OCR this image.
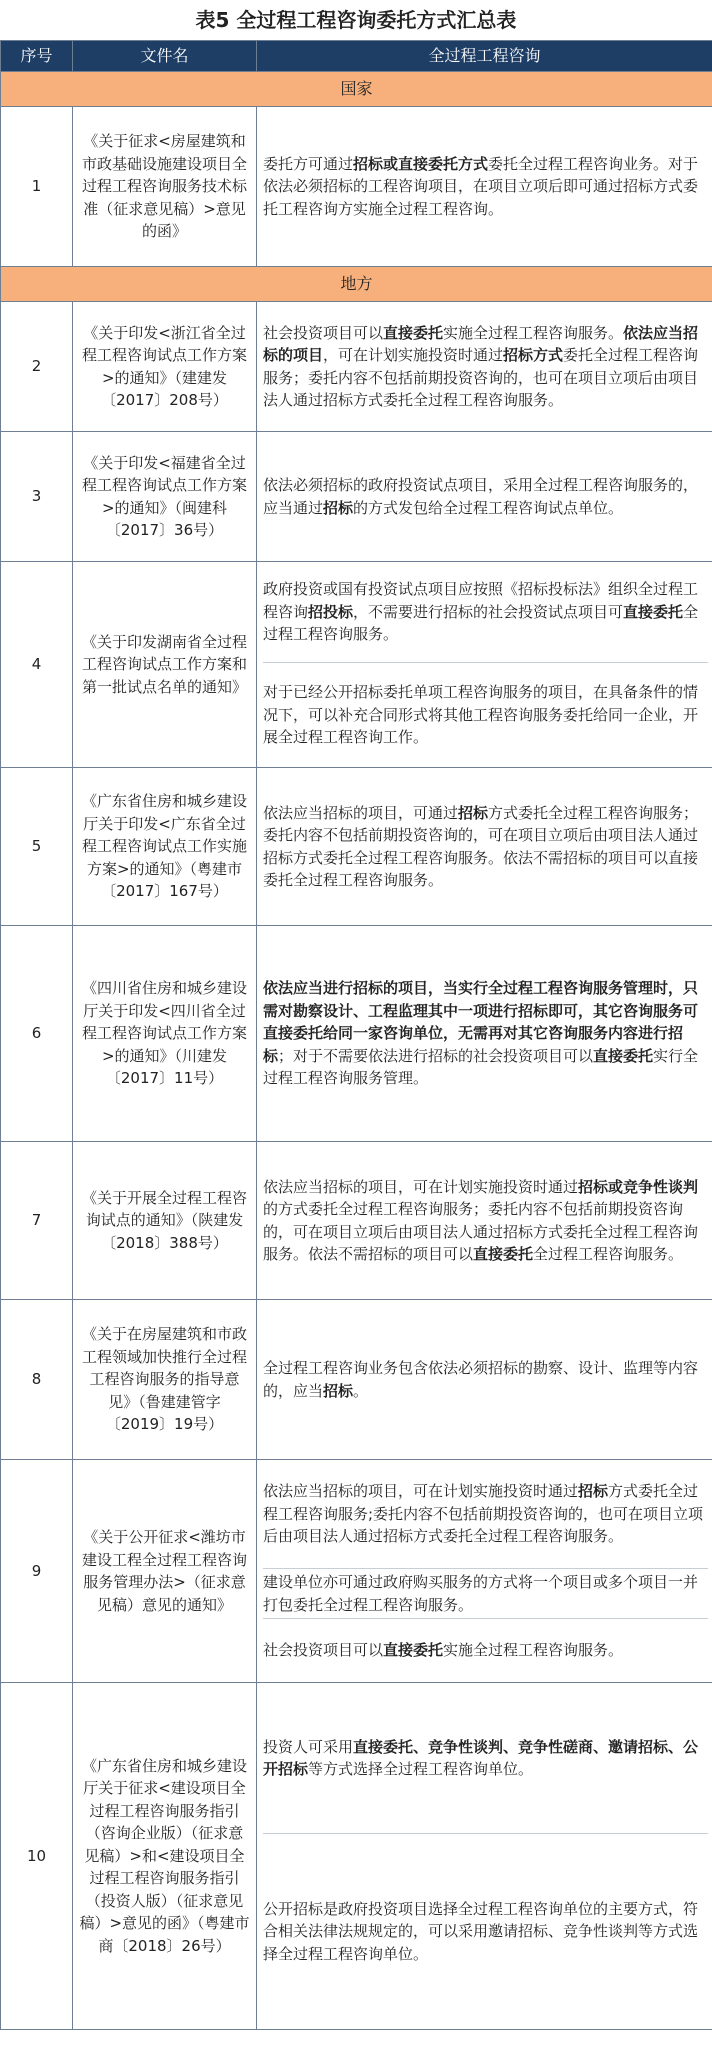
表5 全过程工程咨询委托方式汇总表
序号	文件名	全过程工程咨询
国家		
1	《关于征求<房屋建筑和市政基础设施建设项目全过程工程咨询服务技术标准（征求意见稿）>意见的函》	委托方可通过招标或直接委托方式委托全过程工程咨询业务。对于依法必须招标的工程咨询项目，在项目立项后即可通过招标方式委托工程咨询方实施全过程工程咨询。

地方		
2	《关于印发<浙江省全过程工程咨询试点工作方案>的通知》（建建发〔2017〕208号）	社会投资项目可以直接委托实施全过程工程咨询服务。依法应当招标的项目，可在计划实施投资时通过招标方式委托全过程工程咨询服务；委托内容不包括前期投资咨询的，也可在项目立项后由项目法人通过招标方式委托全过程工程咨询服务。

3	《关于印发<福建省全过程工程咨询试点工作方案>的通知》（闽建科〔2017〕36号）	依法必须招标的政府投资试点项目，采用全过程工程咨询服务的，应当通过招标的方式发包给全过程工程咨询试点单位。

4	《关于印发湖南省全过程工程咨询试点工作方案和第一批试点名单的通知》	政府投资或国有投资试点项目应按照《招标投标法》组织全过程工程咨询招投标，不需要进行招标的社会投资试点项目可直接委托全过程工程咨询服务。
对于已经公开招标委托单项工程咨询服务的项目，在具备条件的情况下，可以补充合同形式将其他工程咨询服务委托给同一企业，开展全过程工程咨询工作。

5	《广东省住房和城乡建设厅关于印发<广东省全过程工程咨询试点工作实施方案>的通知》（粤建市〔2017〕167号）	依法应当招标的项目，可通过招标方式委托全过程工程咨询服务；委托内容不包括前期投资咨询的，可在项目立项后由项目法人通过招标方式委托全过程工程咨询服务。依法不需招标的项目可以直接委托全过程工程咨询服务。

6	《四川省住房和城乡建设厅关于印发<四川省全过程工程咨询试点工作方案>的通知》（川建发〔2017〕11号）	依法应当进行招标的项目，当实行全过程工程咨询服务管理时，只需对勘察设计、工程监理其中一项进行招标即可，其它咨询服务可直接委托给同一家咨询单位，无需再对其它咨询服务内容进行招标；对于不需要依法进行招标的社会投资项目可以直接委托实行全过程工程咨询服务管理。

7	《关于开展全过程工程咨询试点的通知》（陕建发〔2018〕388号）	依法应当招标的项目，可在计划实施投资时通过招标或竞争性谈判的方式委托全过程工程咨询服务；委托内容不包括前期投资咨询的，可在项目立项后由项目法人通过招标方式委托全过程工程咨询服务。依法不需招标的项目可以直接委托全过程工程咨询服务。

8	《关于在房屋建筑和市政工程领域加快推行全过程工程咨询服务的指导意见》（鲁建建管字〔2019〕19号）	全过程工程咨询业务包含依法必须招标的勘察、设计、监理等内容的，应当招标。

9	《关于公开征求<潍坊市建设工程全过程工程咨询服务管理办法>（征求意见稿）意见的通知》	依法应当招标的项目，可在计划实施投资时通过招标方式委托全过程工程咨询服务;委托内容不包括前期投资咨询的，也可在项目立项后由项目法人通过招标方式委托全过程工程咨询服务。
建设单位亦可通过政府购买服务的方式将一个项目或多个项目一并打包委托全过程工程咨询服务。
社会投资项目可以直接委托实施全过程工程咨询服务。

10	《广东省住房和城乡建设厅关于征求<建设项目全过程工程咨询服务指引（咨询企业版）（征求意见稿）>和<建设项目全过程工程咨询服务指引（投资人版）（征求意见稿）>意见的函》（粤建市商〔2018〕26号）	投资人可采用直接委托、竞争性谈判、竞争性磋商、邀请招标、公开招标等方式选择全过程工程咨询单位。
公开招标是政府投资项目选择全过程工程咨询单位的主要方式，符合相关法律法规规定的，可以采用邀请招标、竞争性谈判等方式选择全过程工程咨询单位。
